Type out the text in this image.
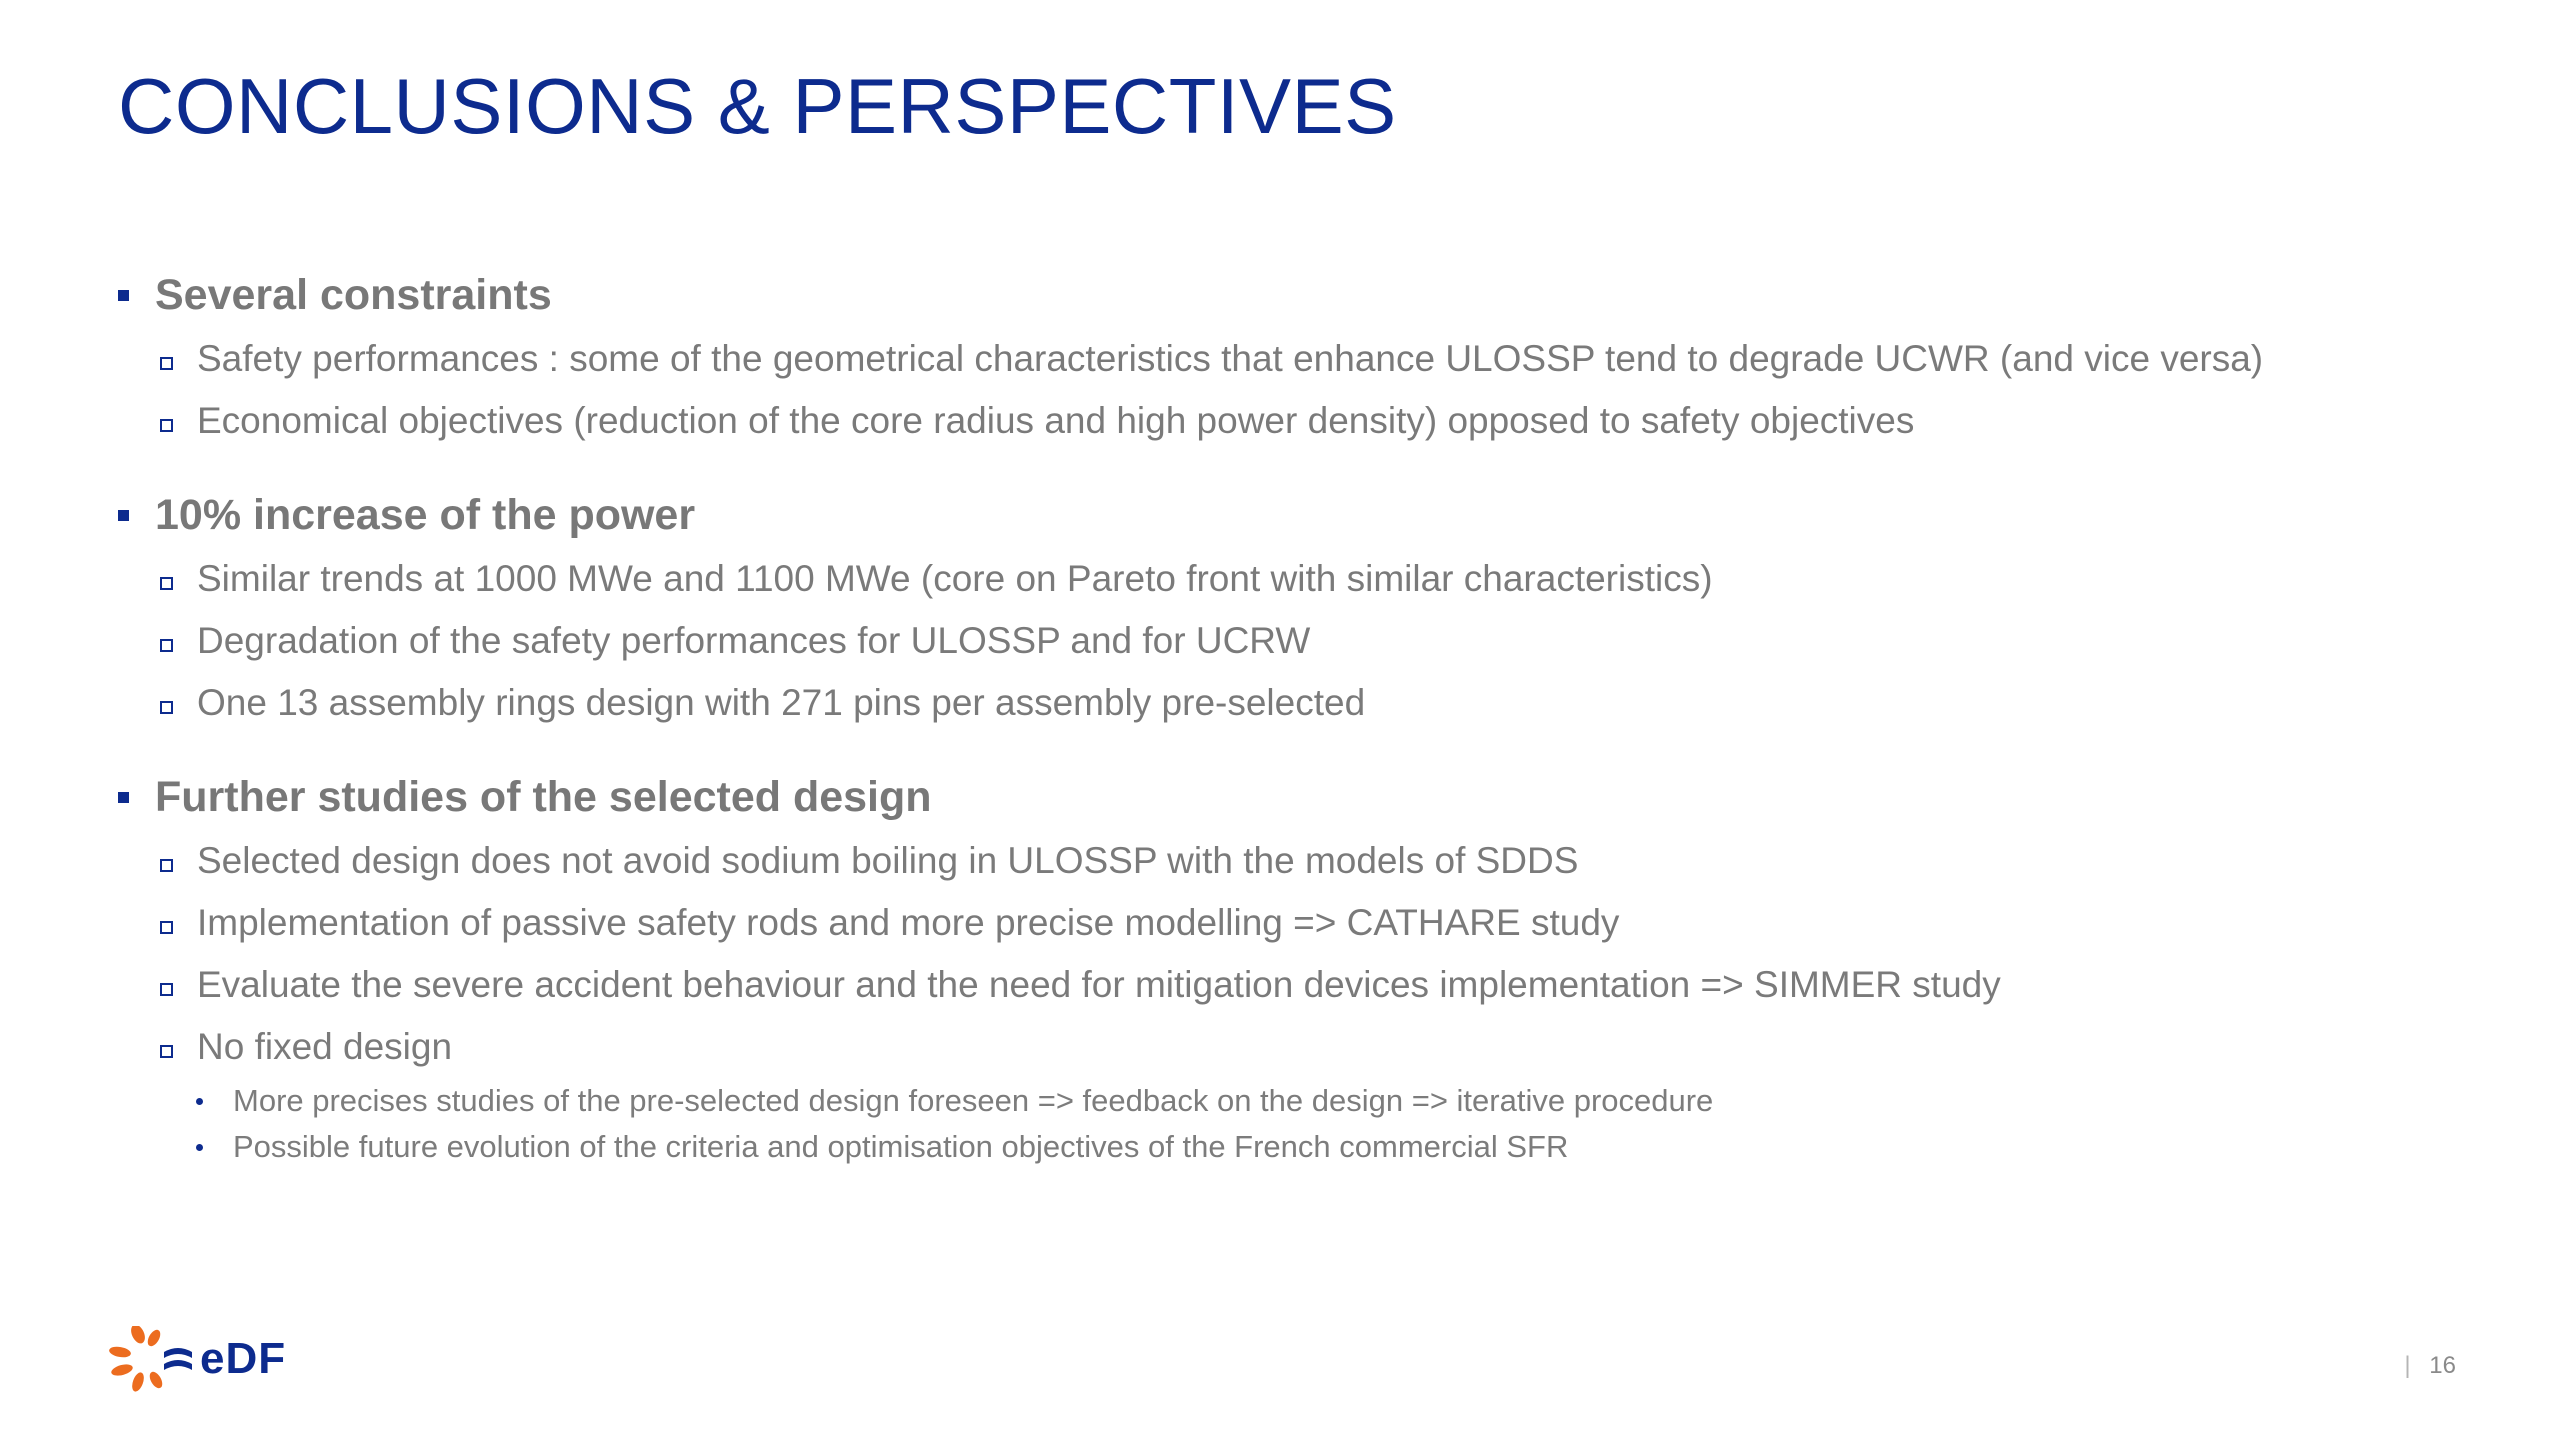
CONCLUSIONS & PERSPECTIVES
Several constraints
Safety performances : some of the geometrical characteristics that enhance ULOSSP tend to degrade UCWR (and vice versa)
Economical objectives (reduction of the core radius and high power density) opposed to safety objectives
10% increase of the power
Similar trends at 1000 MWe and 1100 MWe (core on Pareto front with similar characteristics)
Degradation of the safety performances for ULOSSP and for UCRW
One 13 assembly rings design with 271 pins per assembly pre-selected
Further studies of the selected design
Selected design does not avoid sodium boiling in ULOSSP with the models of SDDS
Implementation of passive safety rods and more precise modelling => CATHARE study
Evaluate the severe accident behaviour and the need for mitigation devices implementation => SIMMER study
No fixed design
More precises studies of the pre-selected design foreseen => feedback on the design => iterative procedure
Possible future evolution of the criteria and optimisation objectives of the French commercial SFR
eDF	| 16
